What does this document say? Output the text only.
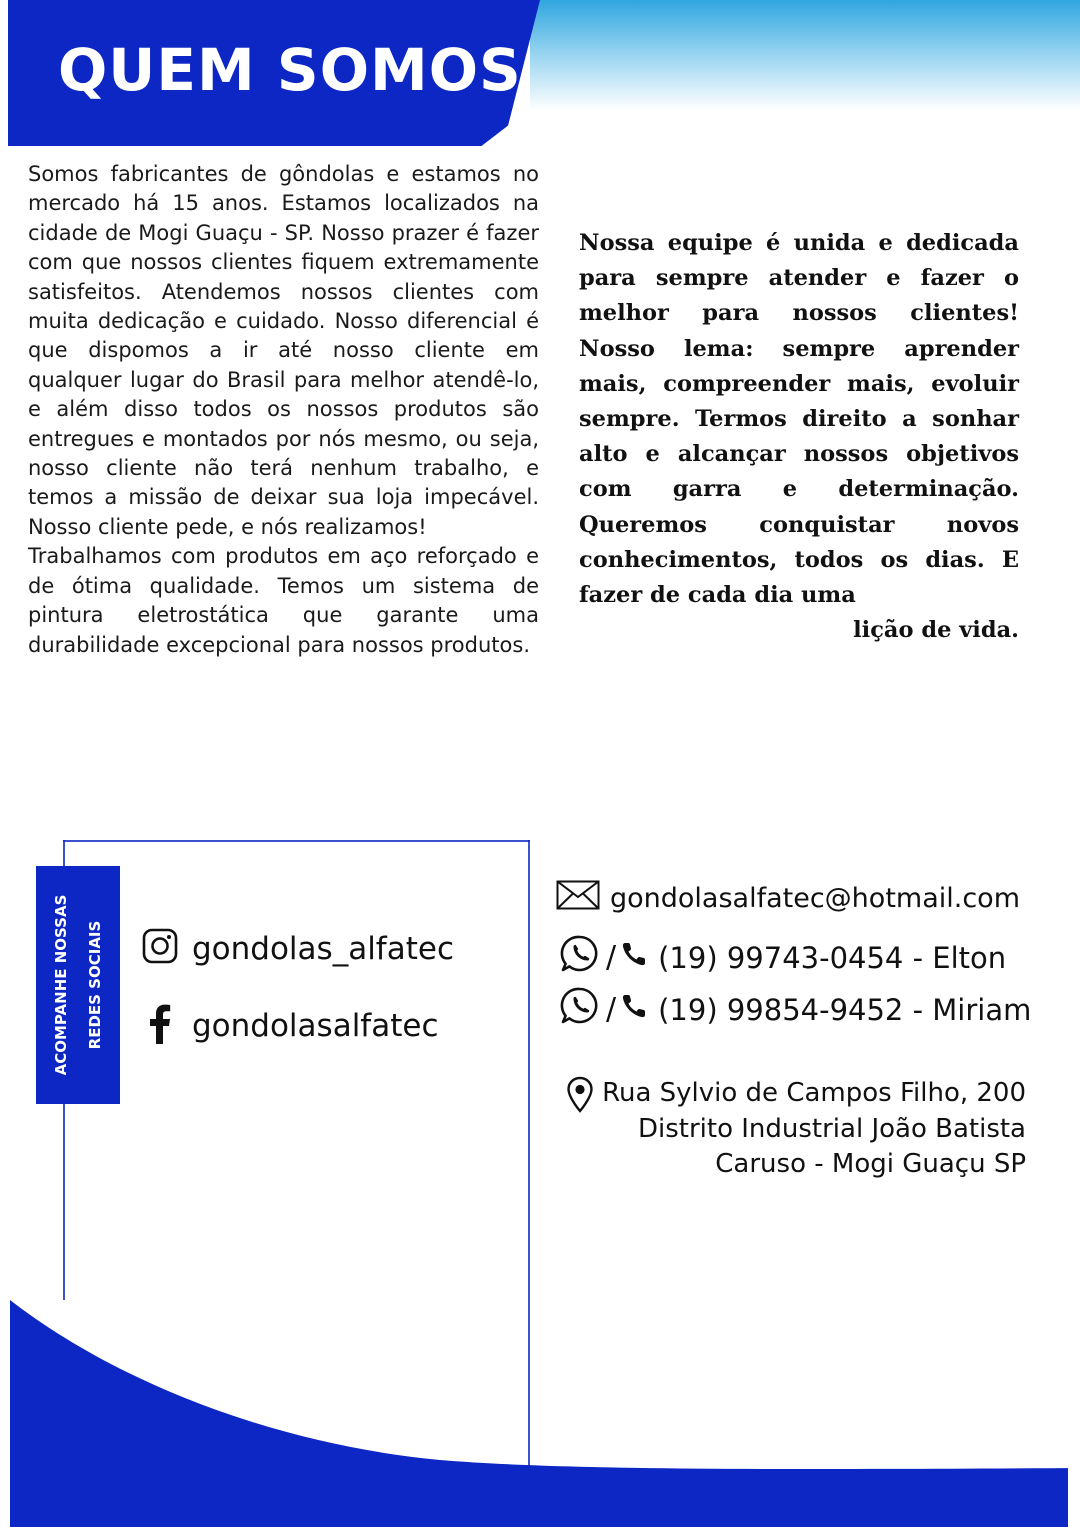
QUEM SOMOS

Somos fabricantes de gôndolas e estamos no mercado há 15 anos. Estamos localizados na cidade de Mogi Guaçu - SP. Nosso prazer é fazer com que nossos clientes fiquem extremamente satisfeitos. Atendemos nossos clientes com muita dedicação e cuidado. Nosso diferencial é que dispomos a ir até nosso cliente em qualquer lugar do Brasil para melhor atendê-lo, e além disso todos os nossos produtos são entregues e montados por nós mesmo, ou seja, nosso cliente não terá nenhum trabalho, e temos a missão de deixar sua loja impecável. Nosso cliente pede, e nós realizamos!

Trabalhamos com produtos em aço reforçado e de ótima qualidade. Temos um sistema de pintura eletrostática que garante uma durabilidade excepcional para nossos produtos.

Nossa equipe é unida e dedicada para sempre atender e fazer o melhor para nossos clientes! Nosso lema: sempre aprender mais, compreender mais, evoluir sempre. Termos direito a sonhar alto e alcançar nossos objetivos com garra e determinação. Queremos conquistar novos conhecimentos, todos os dias. E fazer de cada dia uma

lição de vida.

ACOMPANHE NOSSAS	REDES SOCIAIS	gondolas_alfatec
gondolasalfatec
gondolasalfatec@hotmail.com
/ (19) 99743-0454 - Elton
/ (19) 99854-9452 - Miriam
Rua Sylvio de Campos Filho, 200
Distrito Industrial João Batista
Caruso - Mogi Guaçu SP
